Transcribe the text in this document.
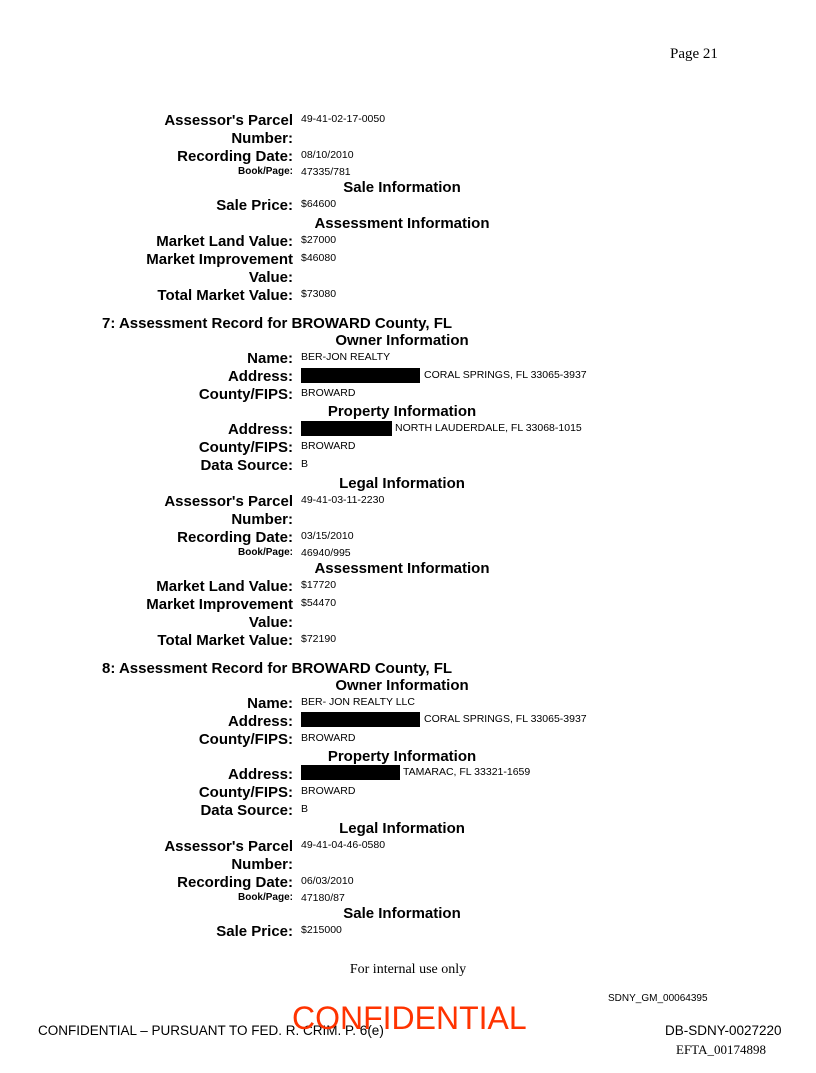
Page 21
Assessor's Parcel
Number:
49-41-02-17-0050
Recording Date: 08/10/2010
Book/Page: 47335/781
Sale Information
Sale Price: $64600
Assessment Information
Market Land Value: $27000
Market Improvement
Value:
$46080
Total Market Value: $73080
7: Assessment Record for BROWARD County, FL
Owner Information
Name: BER-JON REALTY
Address:	CORAL SPRINGS, FL 33065-3937
County/FIPS: BROWARD
Property Information
Address:	NORTH LAUDERDALE, FL 33068-1015
County/FIPS: BROWARD
Data Source: B
Legal Information
Assessor's Parcel
Number:
49-41-03-11-2230
Recording Date: 03/15/2010
Book/Page: 46940/995
Assessment Information
Market Land Value: $17720
Market Improvement
Value:
$54470
Total Market Value: $72190
8: Assessment Record for BROWARD County, FL
Owner Information
Name: BER- JON REALTY LLC
Address:	CORAL SPRINGS, FL 33065-3937
County/FIPS: BROWARD
Property Information
Address:	TAMARAC, FL 33321-1659
County/FIPS: BROWARD
Data Source: B
Legal Information
Assessor's Parcel
Number:
49-41-04-46-0580
Recording Date: 06/03/2010
Book/Page: 47180/87
Sale Information
Sale Price: $215000
For internal use only
SDNY_GM_00064395
CONFIDENTIAL – PURSUANT TO FED. R. CRIM. P. 6(e)
CONFIDENTIAL	DB-SDNY-0027220
EFTA_00174898
